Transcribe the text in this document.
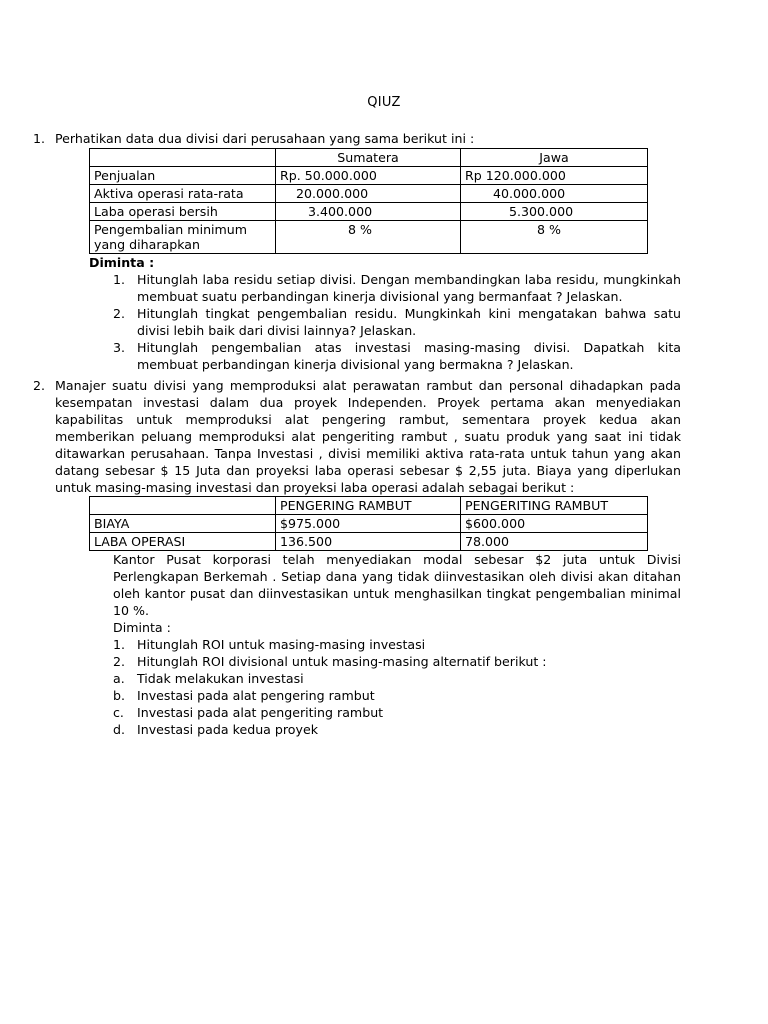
QIUZ
1. Perhatikan data dua divisi dari perusahaan yang sama berikut ini :
	Sumatera	Jawa
Penjualan	Rp. 50.000.000	Rp 120.000.000
Aktiva operasi rata-rata	20.000.000	40.000.000
Laba operasi bersih	3.400.000	5.300.000
Pengembalian minimum yang diharapkan	8 %	8 %
Diminta :
1. Hitunglah laba residu setiap divisi. Dengan membandingkan laba residu, mungkinkah membuat suatu perbandingan kinerja divisional yang bermanfaat ? Jelaskan.
2. Hitunglah tingkat pengembalian residu. Mungkinkah kini mengatakan bahwa satu divisi lebih baik dari divisi lainnya? Jelaskan.
3. Hitunglah pengembalian atas investasi masing-masing divisi. Dapatkah kita membuat perbandingan kinerja divisional yang bermakna ? Jelaskan.
2. Manajer suatu divisi yang memproduksi alat perawatan rambut dan personal dihadapkan pada kesempatan investasi dalam dua proyek Independen. Proyek pertama akan menyediakan kapabilitas untuk memproduksi alat pengering rambut, sementara proyek kedua akan memberikan peluang memproduksi alat pengeriting rambut , suatu produk yang saat ini tidak ditawarkan perusahaan. Tanpa Investasi , divisi memiliki aktiva rata-rata untuk tahun yang akan datang sebesar $ 15 Juta dan proyeksi laba operasi sebesar $ 2,55 juta. Biaya yang diperlukan untuk masing-masing investasi dan proyeksi laba operasi adalah sebagai berikut :
	PENGERING RAMBUT	PENGERITING RAMBUT
BIAYA	$975.000	$600.000
LABA OPERASI	136.500	78.000
Kantor Pusat korporasi telah menyediakan modal sebesar $2 juta untuk Divisi Perlengkapan Berkemah . Setiap dana yang tidak diinvestasikan oleh divisi akan ditahan oleh kantor pusat dan diinvestasikan untuk menghasilkan tingkat pengembalian minimal 10 %.
Diminta :
1. Hitunglah ROI untuk masing-masing investasi
2. Hitunglah ROI divisional untuk masing-masing alternatif berikut :
a. Tidak melakukan investasi
b. Investasi pada alat pengering rambut
c. Investasi pada alat pengeriting rambut
d. Investasi pada kedua proyek
